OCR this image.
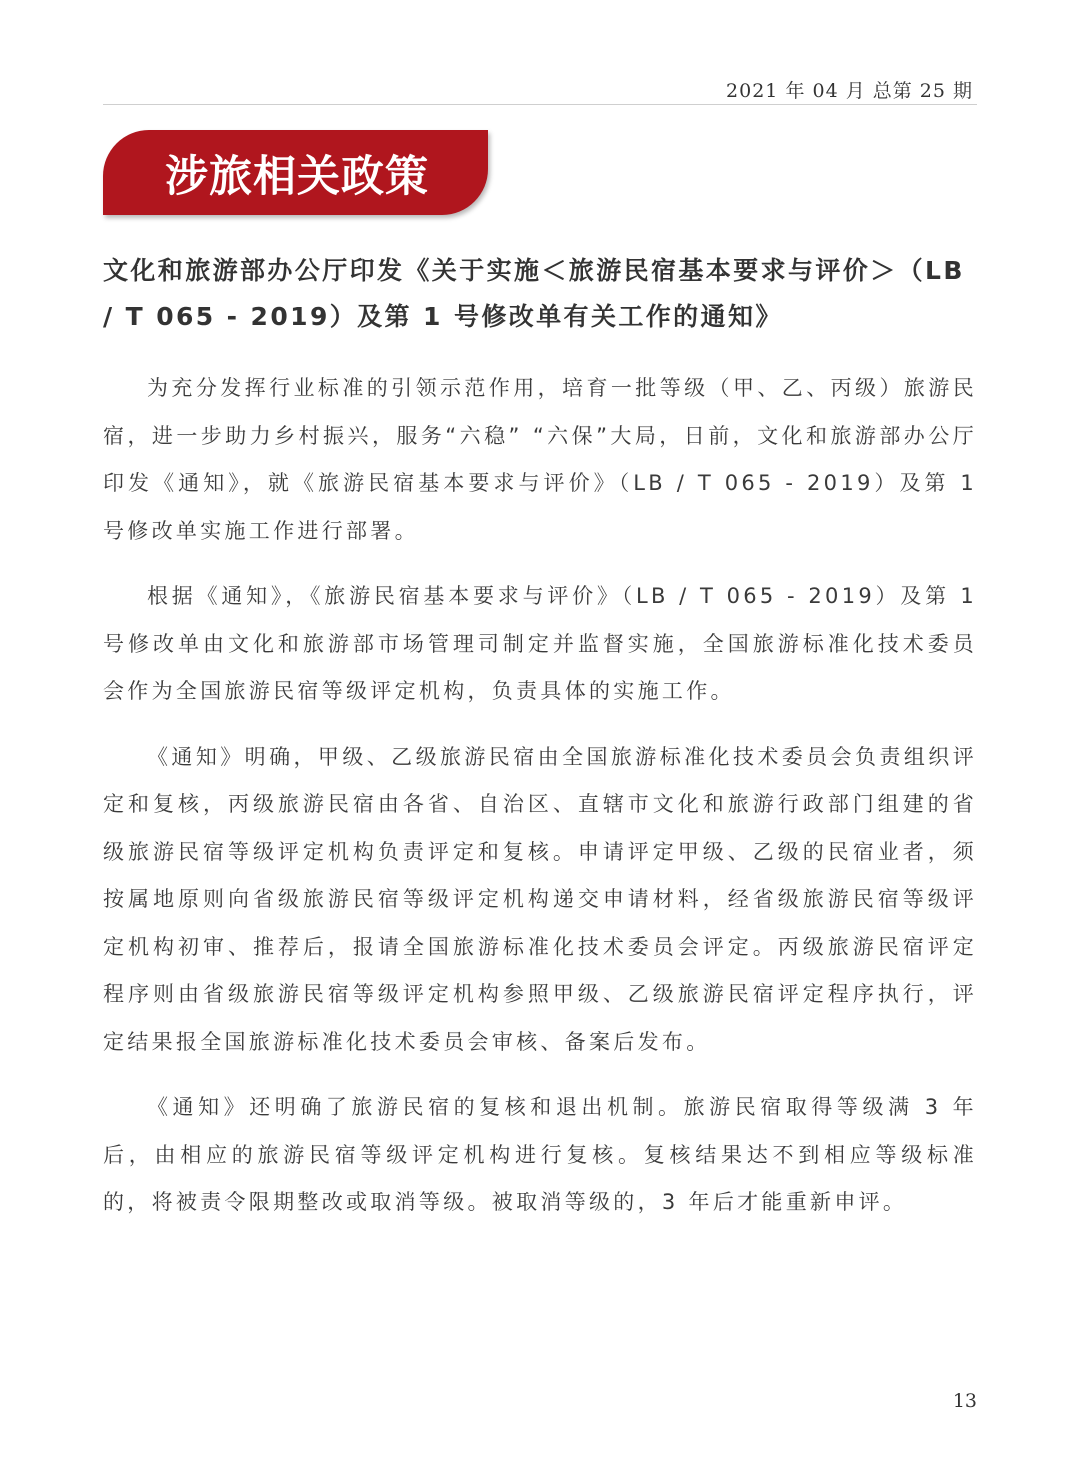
2021 年 04 月 总第 25 期
涉旅相关政策
文化和旅游部办公厅印发《关于实施＜旅游民宿基本要求与评价＞（LB / T 065 - 2019）及第 1 号修改单有关工作的通知》

为充分发挥行业标准的引领示范作用，培育一批等级（甲、乙、丙级）旅游民宿，进一步助力乡村振兴，服务“六稳” “六保”大局，日前，文化和旅游部办公厅印发《通知》，就《旅游民宿基本要求与评价》（LB / T 065 - 2019）及第 1 号修改单实施工作进行部署。

根据《通知》，《旅游民宿基本要求与评价》（LB / T 065 - 2019）及第 1 号修改单由文化和旅游部市场管理司制定并监督实施，全国旅游标准化技术委员会作为全国旅游民宿等级评定机构，负责具体的实施工作。

《通知》明确，甲级、乙级旅游民宿由全国旅游标准化技术委员会负责组织评定和复核，丙级旅游民宿由各省、自治区、直辖市文化和旅游行政部门组建的省级旅游民宿等级评定机构负责评定和复核。申请评定甲级、乙级的民宿业者，须按属地原则向省级旅游民宿等级评定机构递交申请材料，经省级旅游民宿等级评定机构初审、推荐后，报请全国旅游标准化技术委员会评定。丙级旅游民宿评定程序则由省级旅游民宿等级评定机构参照甲级、乙级旅游民宿评定程序执行，评定结果报全国旅游标准化技术委员会审核、备案后发布。

《通知》还明确了旅游民宿的复核和退出机制。旅游民宿取得等级满 3 年后，由相应的旅游民宿等级评定机构进行复核。复核结果达不到相应等级标准的，将被责令限期整改或取消等级。被取消等级的，3 年后才能重新申评。

13
